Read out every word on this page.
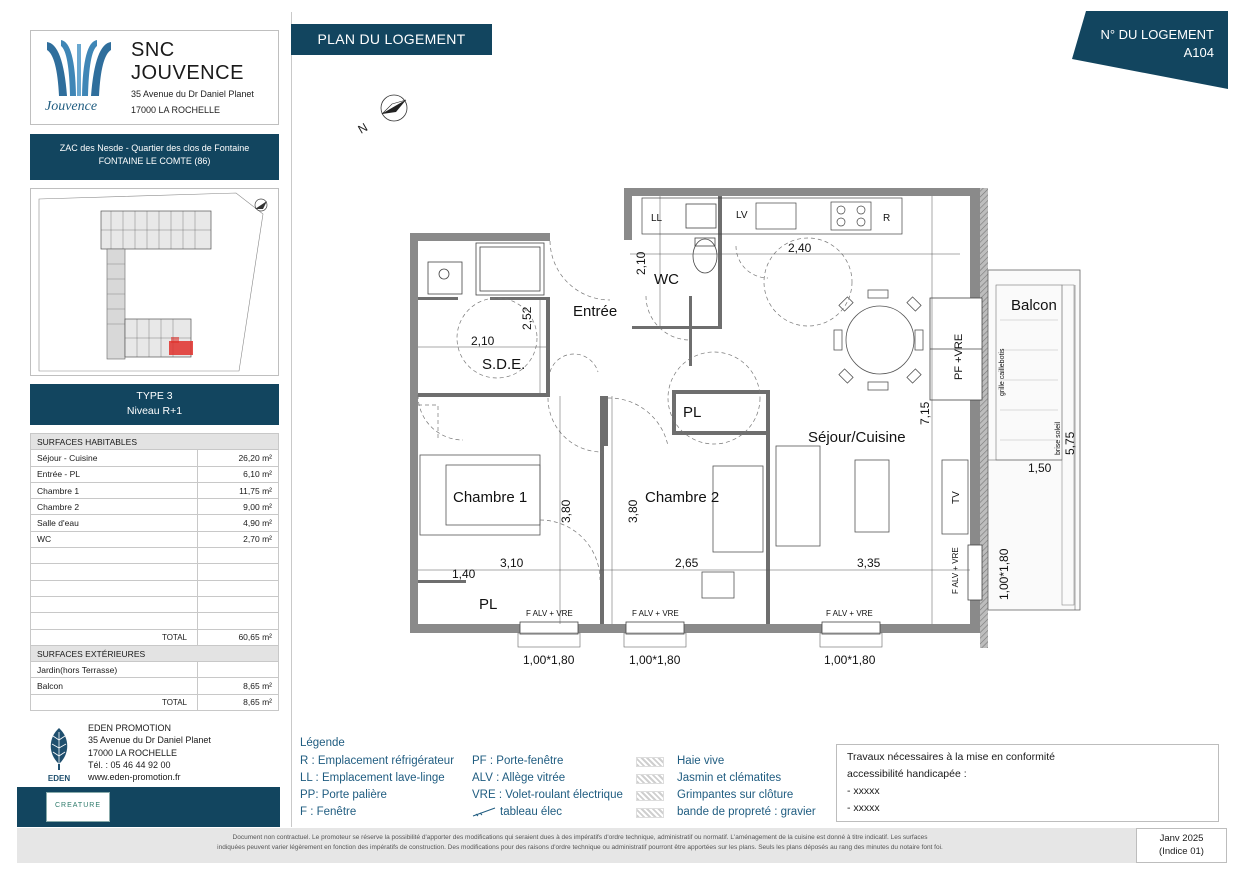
Jouvence
SNC JOUVENCE
35 Avenue du Dr Daniel Planet
17000 LA ROCHELLE
ZAC des Nesde - Quartier des clos de Fontaine
FONTAINE LE COMTE (86)
TYPE 3
Niveau R+1
SURFACES HABITABLES	
Séjour - Cuisine	26,20 m²
Entrée - PL	6,10 m²
Chambre 1	11,75 m²
Chambre 2	9,00 m²
Salle d'eau	4,90 m²
WC	2,70 m²

TOTAL	60,65 m²
SURFACES EXTÉRIEURES	
Jardin(hors Terrasse)	
Balcon	8,65 m²
TOTAL	8,65 m²
EDEN
EDEN PROMOTION
35 Avenue du Dr Daniel Planet
17000 LA ROCHELLE
Tél. : 05 46 44 92 00
www.eden-promotion.fr
CREATURE
PLAN DU LOGEMENT	N° DU LOGEMENT
A104
N
Entrée
WC
S.D.E.
Chambre 1	Chambre 2
Séjour/Cuisine
Balcon
PL
PL
LL	LV	R
TV
PF +VRE	grille caillebotis
brise soleil
2,10
2,40
2,52
2,10
7,15
5,75
1,50
3,80	3,80
3,10	2,65	3,35
1,40	1,00*1,80
1,00*1,80	1,00*1,80	1,00*1,80
F ALV + VRE	F ALV + VRE	F ALV + VRE
F ALV + VRE
Légende
R : Emplacement réfrigérateur
LL : Emplacement lave-linge
PP: Porte palière
F : Fenêtre
PF : Porte-fenêtre
ALV : Allège vitrée
VRE : Volet-roulant électrique
tableau élec
Haie vive
Jasmin et clématites
Grimpantes sur clôture
bande de propreté : gravier
Travaux nécessaires à la mise en conformité
accessibilité handicapée :
- xxxxx
- xxxxx
Document non contractuel. Le promoteur se réserve la possibilité d'apporter des modifications qui seraient dues à des impératifs d'ordre technique, administratif ou normatif. L'aménagement de la cuisine est donné à titre indicatif. Les surfaces
indiquées peuvent varier légèrement en fonction des impératifs de construction. Des modifications pour des raisons d'ordre technique ou administratif pourront être apportées sur les plans. Seuls les plans déposés au rang des minutes du notaire font foi.
Janv 2025
(Indice 01)
